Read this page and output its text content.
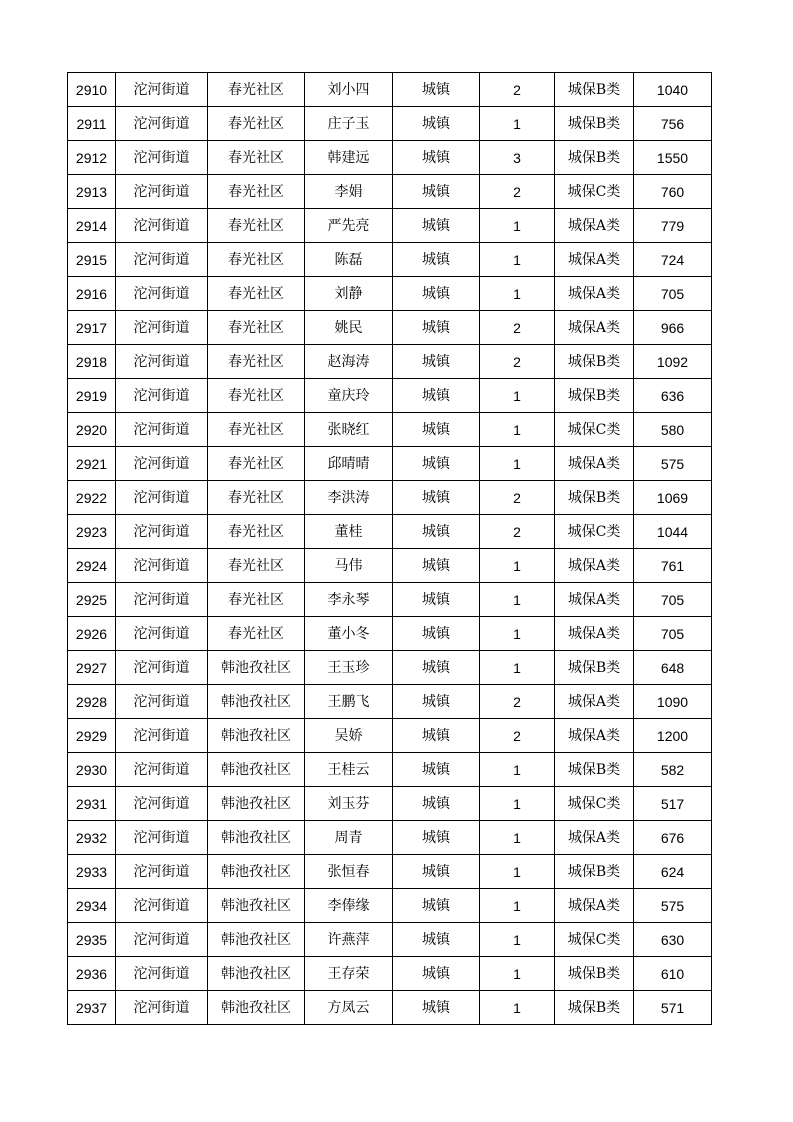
2910	沱河街道	春光社区	刘小四	城镇	2	城保B类	1040
2911	沱河街道	春光社区	庄子玉	城镇	1	城保B类	756
2912	沱河街道	春光社区	韩建远	城镇	3	城保B类	1550
2913	沱河街道	春光社区	李娟	城镇	2	城保C类	760
2914	沱河街道	春光社区	严先亮	城镇	1	城保A类	779
2915	沱河街道	春光社区	陈磊	城镇	1	城保A类	724
2916	沱河街道	春光社区	刘静	城镇	1	城保A类	705
2917	沱河街道	春光社区	姚民	城镇	2	城保A类	966
2918	沱河街道	春光社区	赵海涛	城镇	2	城保B类	1092
2919	沱河街道	春光社区	童庆玲	城镇	1	城保B类	636
2920	沱河街道	春光社区	张晓红	城镇	1	城保C类	580
2921	沱河街道	春光社区	邱晴晴	城镇	1	城保A类	575
2922	沱河街道	春光社区	李洪涛	城镇	2	城保B类	1069
2923	沱河街道	春光社区	董桂	城镇	2	城保C类	1044
2924	沱河街道	春光社区	马伟	城镇	1	城保A类	761
2925	沱河街道	春光社区	李永琴	城镇	1	城保A类	705
2926	沱河街道	春光社区	董小冬	城镇	1	城保A类	705
2927	沱河街道	韩池孜社区	王玉珍	城镇	1	城保B类	648
2928	沱河街道	韩池孜社区	王鹏飞	城镇	2	城保A类	1090
2929	沱河街道	韩池孜社区	吴娇	城镇	2	城保A类	1200
2930	沱河街道	韩池孜社区	王桂云	城镇	1	城保B类	582
2931	沱河街道	韩池孜社区	刘玉芬	城镇	1	城保C类	517
2932	沱河街道	韩池孜社区	周青	城镇	1	城保A类	676
2933	沱河街道	韩池孜社区	张恒春	城镇	1	城保B类	624
2934	沱河街道	韩池孜社区	李俸缘	城镇	1	城保A类	575
2935	沱河街道	韩池孜社区	许燕萍	城镇	1	城保C类	630
2936	沱河街道	韩池孜社区	王存荣	城镇	1	城保B类	610
2937	沱河街道	韩池孜社区	方凤云	城镇	1	城保B类	571
